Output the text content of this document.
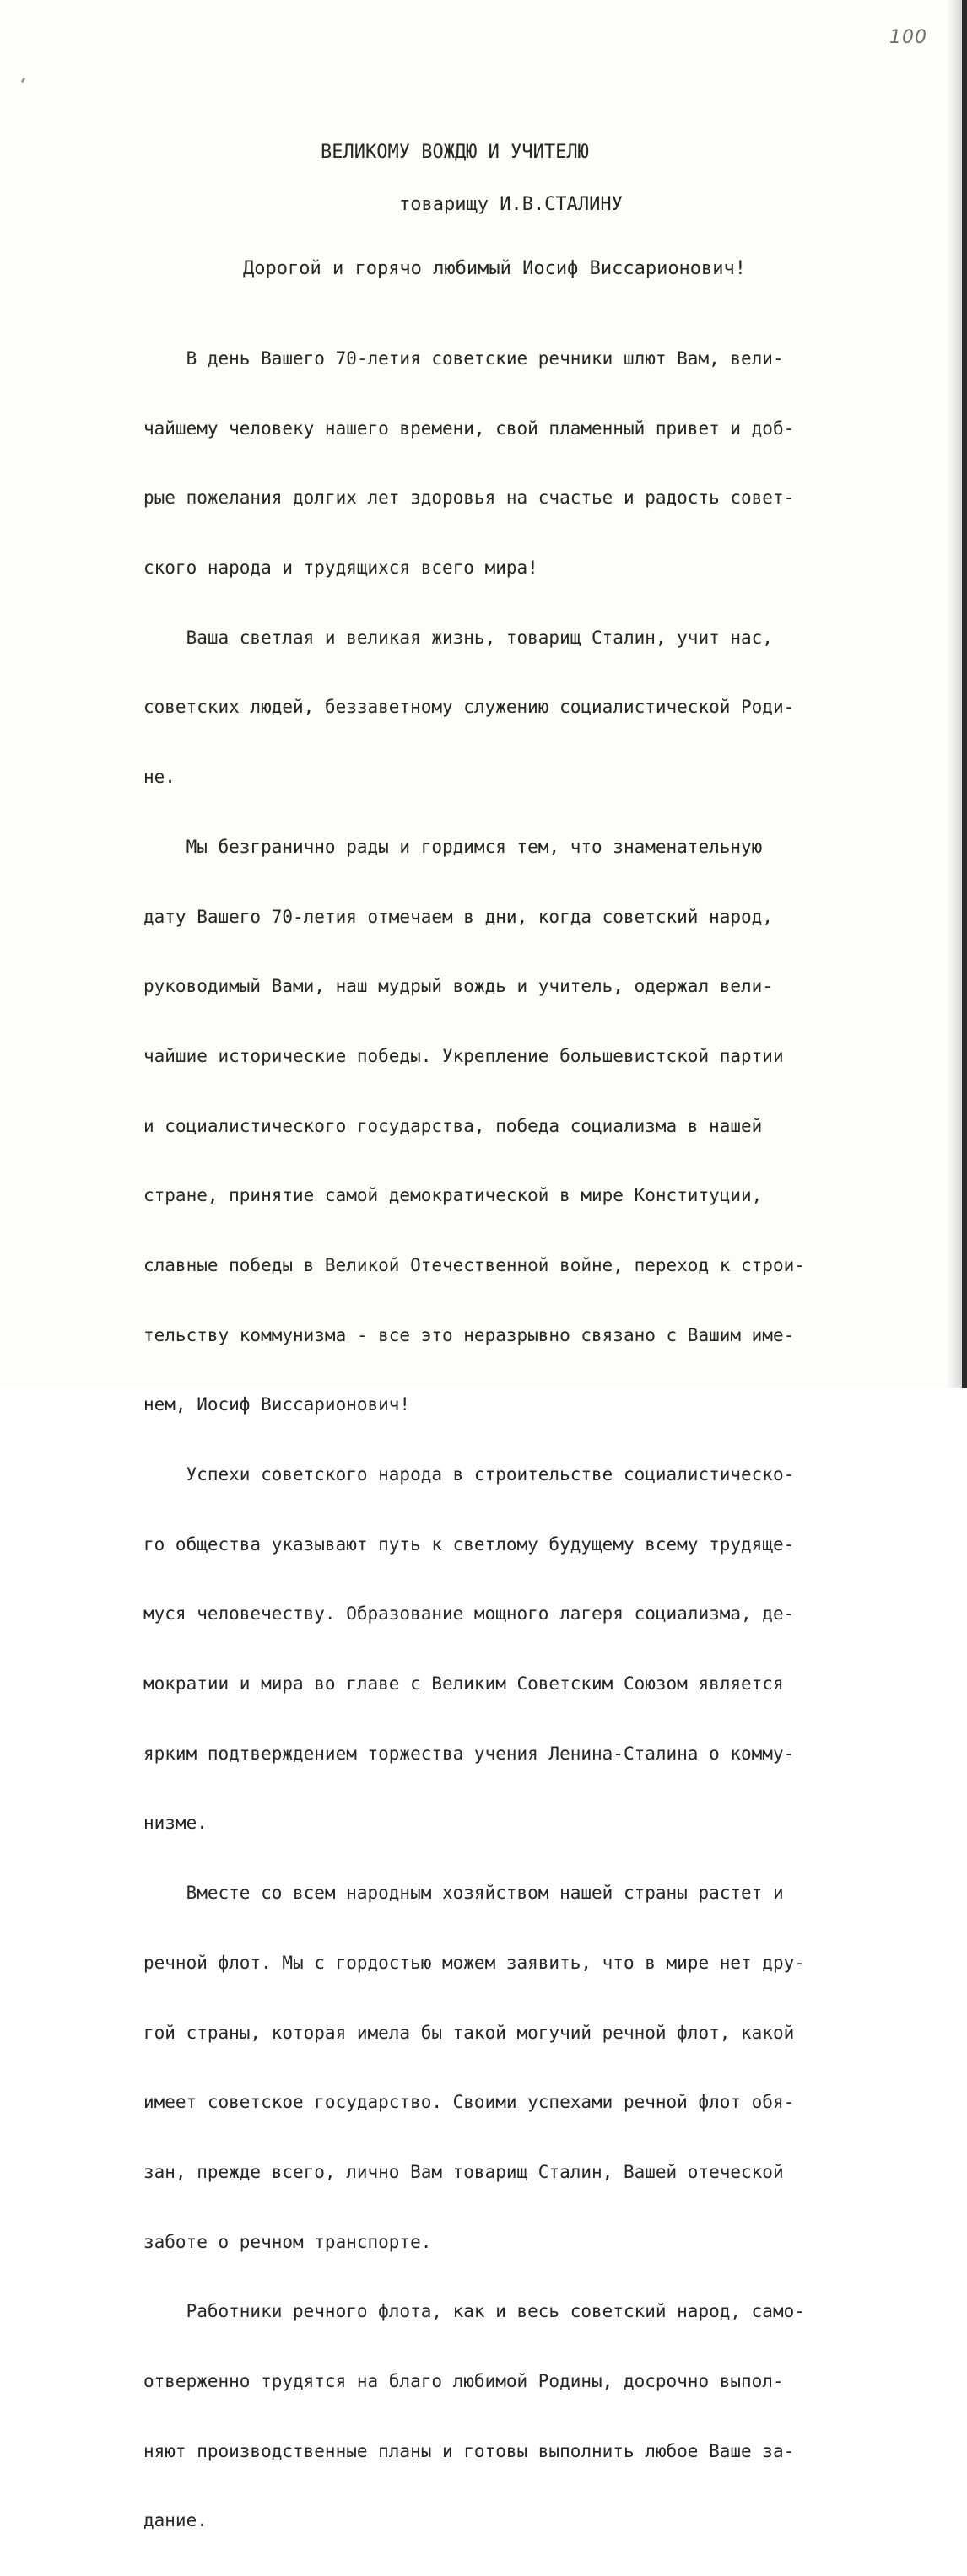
100
ВЕЛИКОМУ ВОЖДЮ И УЧИТЕЛЮ
товарищу И.В.СТАЛИНУ
Дорогой и горячо любимый Иосиф Виссарионович!

В день Вашего 70-летия советские речники шлют Вам, вели-

чайшему человеку нашего времени, свой пламенный привет и доб-

рые пожелания долгих лет здоровья на счастье и радость совет-

ского народа и трудящихся всего мира!

Ваша светлая и великая жизнь, товарищ Сталин, учит нас,

советских людей, беззаветному служению социалистической Роди-

не.

Мы безгранично рады и гордимся тем, что знаменательную

дату Вашего 70-летия отмечаем в дни, когда советский народ,

руководимый Вами, наш мудрый вождь и учитель, одержал вели-

чайшие исторические победы. Укрепление большевистской партии

и социалистического государства, победа социализма в нашей

стране, принятие самой демократической в мире Конституции,

славные победы в Великой Отечественной войне, переход к строи-

тельству коммунизма - все это неразрывно связано с Вашим име-

нем, Иосиф Виссарионович!

Успехи советского народа в строительстве социалистическо-

го общества указывают путь к светлому будущему всему трудяще-

муся человечеству. Образование мощного лагеря социализма, де-

мократии и мира во главе с Великим Советским Союзом является

ярким подтверждением торжества учения Ленина-Сталина о комму-

низме.

Вместе со всем народным хозяйством нашей страны растет и

речной флот. Мы с гордостью можем заявить, что в мире нет дру-

гой страны, которая имела бы такой могучий речной флот, какой

имеет советское государство. Своими успехами речной флот обя-

зан, прежде всего, лично Вам товарищ Сталин, Вашей отеческой

заботе о речном транспорте.

Работники речного флота, как и весь советский народ, само-

отверженно трудятся на благо любимой Родины, досрочно выпол-

няют производственные планы и готовы выполнить любое Ваше за-

дание.
